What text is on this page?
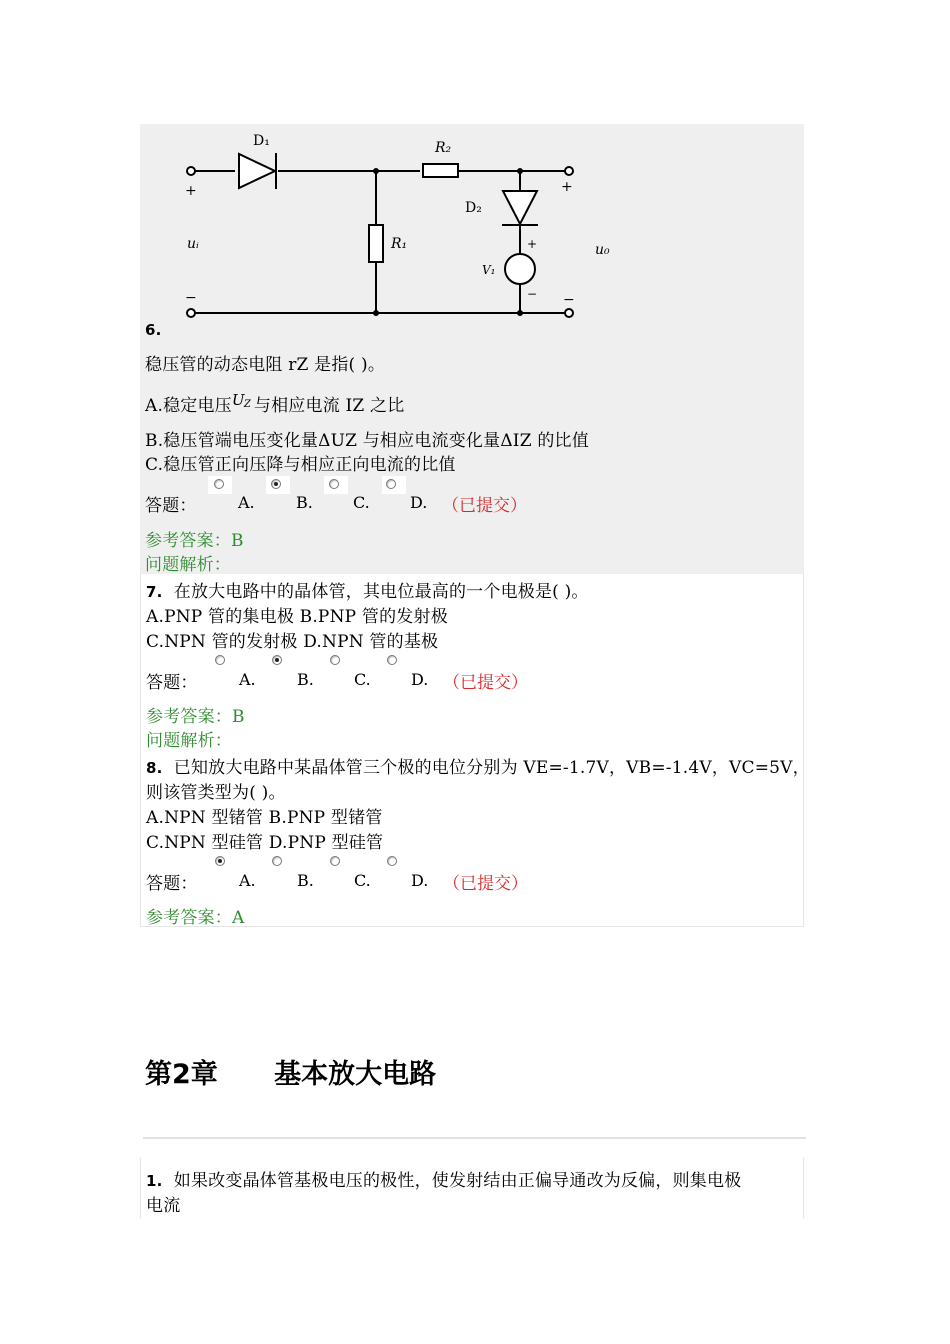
D₁	R₂
R₁
D₂
V₁
uᵢ	u₀
+
−
+
−
+
−
6.
稳压管的动态电阻 rZ 是指( )。
A.稳定电压 U Z 与相应电流 IZ 之比
B.稳压管端电压变化量ΔUZ 与相应电流变化量ΔIZ 的比值
C.稳压管正向压降与相应正向电流的比值
答题：	A.	B.	C.	D. （已提交）
参考答案：B
问题解析：
7. 在放大电路中的晶体管，其电位最高的一个电极是( )。
A.PNP 管的集电极 B.PNP 管的发射极
C.NPN 管的发射极 D.NPN 管的基极
答题：	A.	B.	C.	D. （已提交）
参考答案：B
问题解析：
8. 已知放大电路中某晶体管三个极的电位分别为 VE=-1.7V，VB=-1.4V，VC=5V，
则该管类型为( )。
A.NPN 型锗管 B.PNP 型锗管
C.NPN 型硅管 D.PNP 型硅管
答题：	A.	B.	C.	D. （已提交）
参考答案：A
第2章      基本放大电路
1. 如果改变晶体管基极电压的极性，使发射结由正偏导通改为反偏，则集电极
电流
